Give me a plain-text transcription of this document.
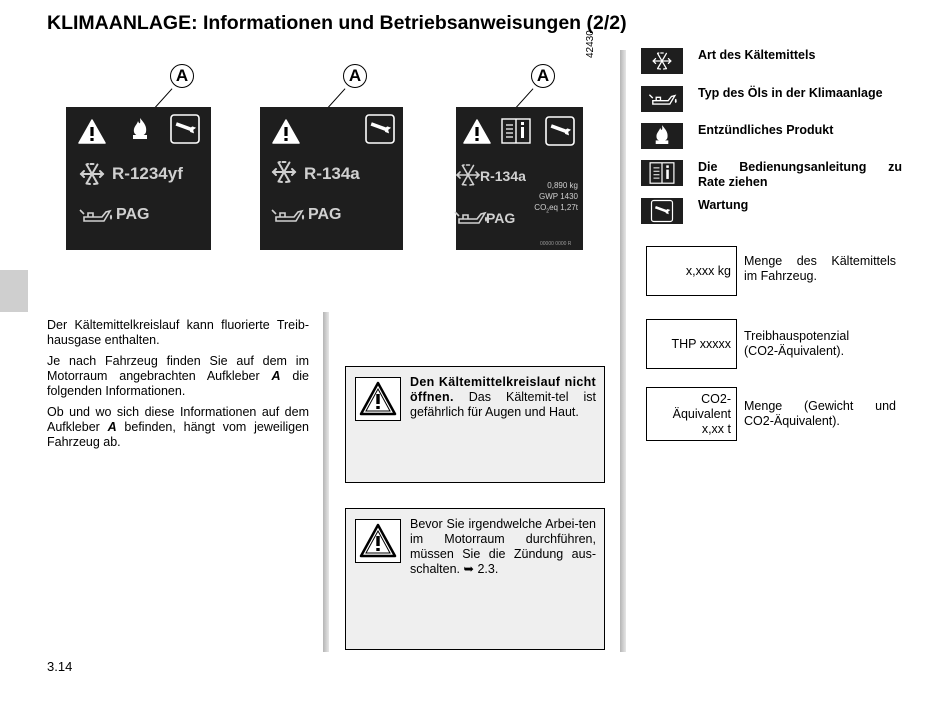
KLIMAANLAGE: Informationen und Betriebsanweisungen (2/2)
A	A	A
42430
R-1234yf
PAG
R-134a
PAG
R-134a
PAG
0,890 kg
GWP 1430
$CO_2eq$ 1,27t
00000 0000 R

Der Kältemittelkreislauf kann fluorierte Treib-hausgase enthalten.

Je nach Fahrzeug finden Sie auf dem im Motorraum angebrachten Aufkleber A die folgenden Informationen.

Ob und wo sich diese Informationen auf dem Aufkleber A befinden, hängt vom jeweiligen Fahrzeug ab.

Den Kältemittelkreislauf nicht öffnen. Das Kältemit-tel ist gefährlich für Augen und Haut.
Bevor Sie irgendwelche Arbei-ten im Motorraum durchführen, müssen Sie die Zündung aus-schalten. ➥ 2.3.
Art des Kältemittels
Typ des Öls in der Klimaanlage
Entzündliches Produkt
Die Bedienungsanleitung zu
Rate ziehen
Wartung
x,xxx kg
Menge des Kältemittels
im Fahrzeug.
THP xxxxx
Treibhauspotenzial
(CO2-Äquivalent).
CO2-
Äquivalent
x,xx t
Menge (Gewicht und
CO2-Äquivalent).
3.14
